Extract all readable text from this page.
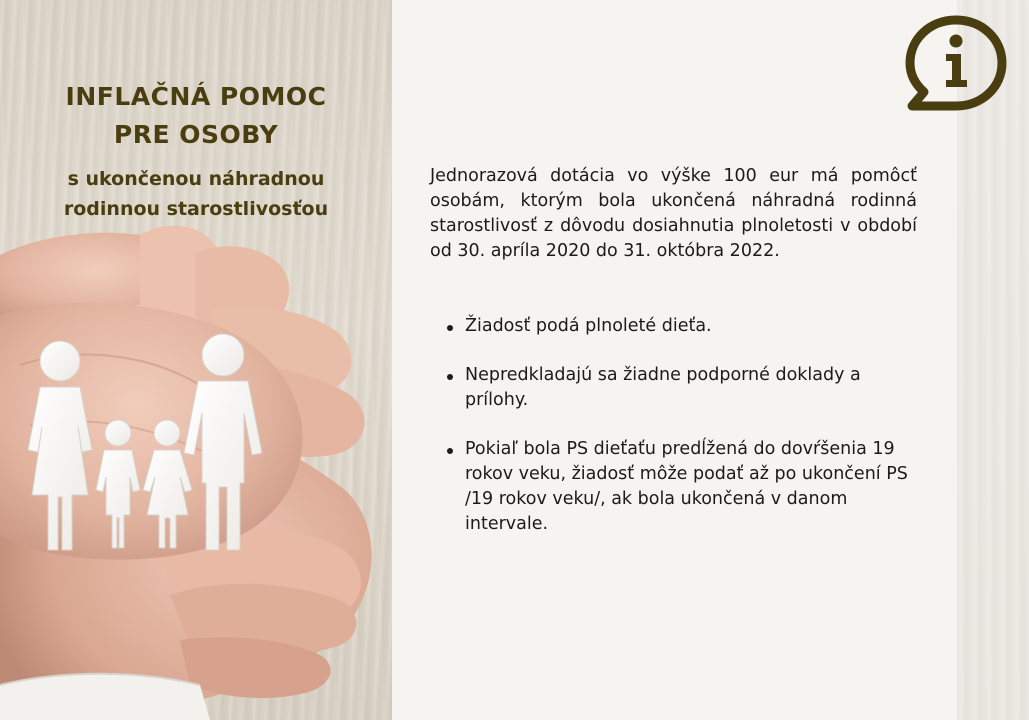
INFLAČNÁ POMOC
PRE OSOBY

s ukončenou náhradnou
rodinnou starostlivosťou

Jednorazová dotácia vo výške 100 eur má pomôcť osobám, ktorým bola ukončená náhradná rodinná starostlivosť z dôvodu dosiahnutia plnoletosti v období od 30. apríla 2020 do 31. októbra 2022.

Žiadosť podá plnoleté dieťa.
Nepredkladajú sa žiadne podporné doklady a prílohy.
Pokiaľ bola PS dieťaťu predĺžená do dovŕšenia 19 rokov veku, žiadosť môže podať až po ukončení PS /19 rokov veku/, ak bola ukončená v danom intervale.
